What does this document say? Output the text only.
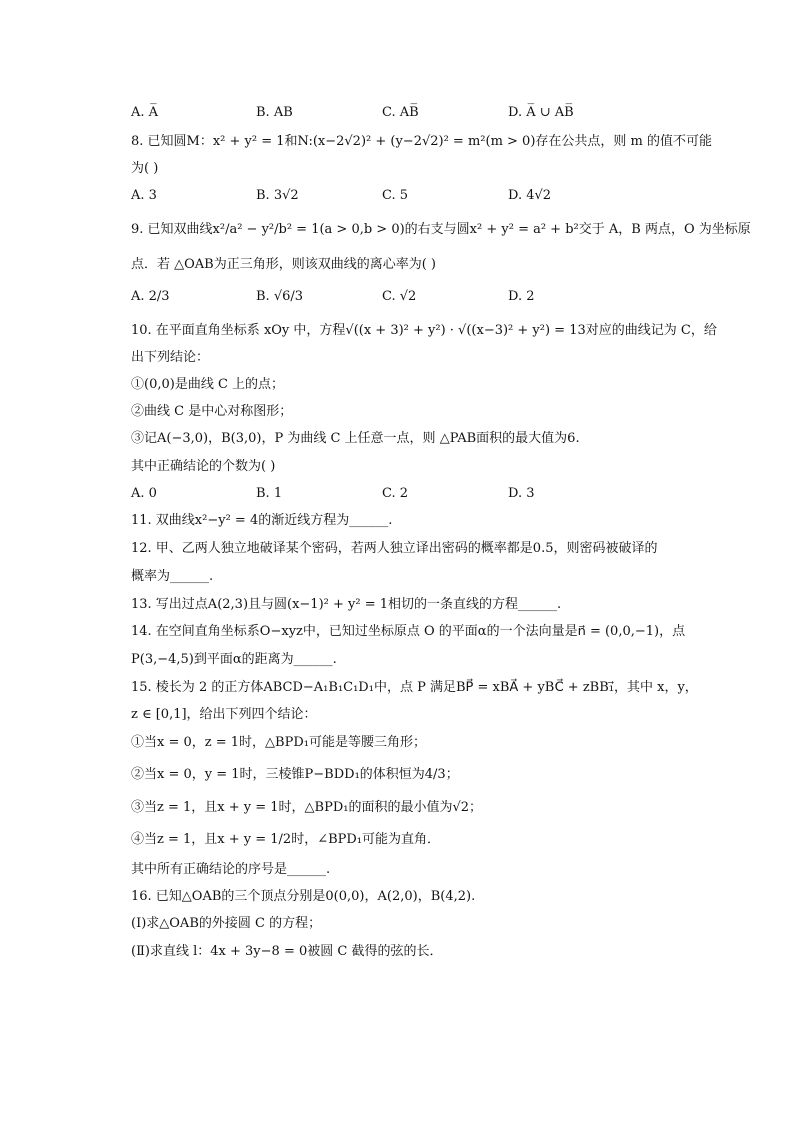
A. A̅	B. AB	C. AB̅	D. A̅ ∪ AB̅
8. 已知圆M：x² + y² = 1和N:(x−2√2)² + (y−2√2)² = m²(m > 0)存在公共点，则 m 的值不可能
为( )
A. 3	B. 3√2	C. 5	D. 4√2
9. 已知双曲线x²/a² − y²/b² = 1(a > 0,b > 0)的右支与圆x² + y² = a² + b²交于 A，B 两点，O 为坐标原
点．若 △OAB为正三角形，则该双曲线的离心率为( )
A. 2/3	B. √6/3	C. √2	D. 2
10. 在平面直角坐标系 xOy 中，方程√((x + 3)² + y²) · √((x−3)² + y²) = 13对应的曲线记为 C，给
出下列结论：
①(0,0)是曲线 C 上的点；
②曲线 C 是中心对称图形；
③记A(−3,0)，B(3,0)，P 为曲线 C 上任意一点，则 △PAB面积的最大值为6.
其中正确结论的个数为( )
A. 0	B. 1	C. 2	D. 3
11. 双曲线x²−y² = 4的渐近线方程为______.
12. 甲、乙两人独立地破译某个密码，若两人独立译出密码的概率都是0.5，则密码被破译的
概率为______.
13. 写出过点A(2,3)且与圆(x−1)² + y² = 1相切的一条直线的方程______.
14. 在空间直角坐标系O−xyz中，已知过坐标原点 O 的平面α的一个法向量是n⃗ = (0,0,−1)，点
P(3,−4,5)到平面α的距离为______.
15. 棱长为 2 的正方体ABCD−A₁B₁C₁D₁中，点 P 满足BP⃗ = xBA⃗ + yBC⃗ + zBB₁⃗，其中 x，y，
z ∈ [0,1]，给出下列四个结论：
①当x = 0，z = 1时，△BPD₁可能是等腰三角形；
②当x = 0，y = 1时，三棱锥P−BDD₁的体积恒为4/3；
③当z = 1，且x + y = 1时，△BPD₁的面积的最小值为√2；
④当z = 1，且x + y = 1/2时，∠BPD₁可能为直角．
其中所有正确结论的序号是______.
16. 已知△OAB的三个顶点分别是0(0,0)，A(2,0)，B(4,2).
(Ⅰ)求△OAB的外接圆 C 的方程；
(Ⅱ)求直线 l：4x + 3y−8 = 0被圆 C 截得的弦的长．
